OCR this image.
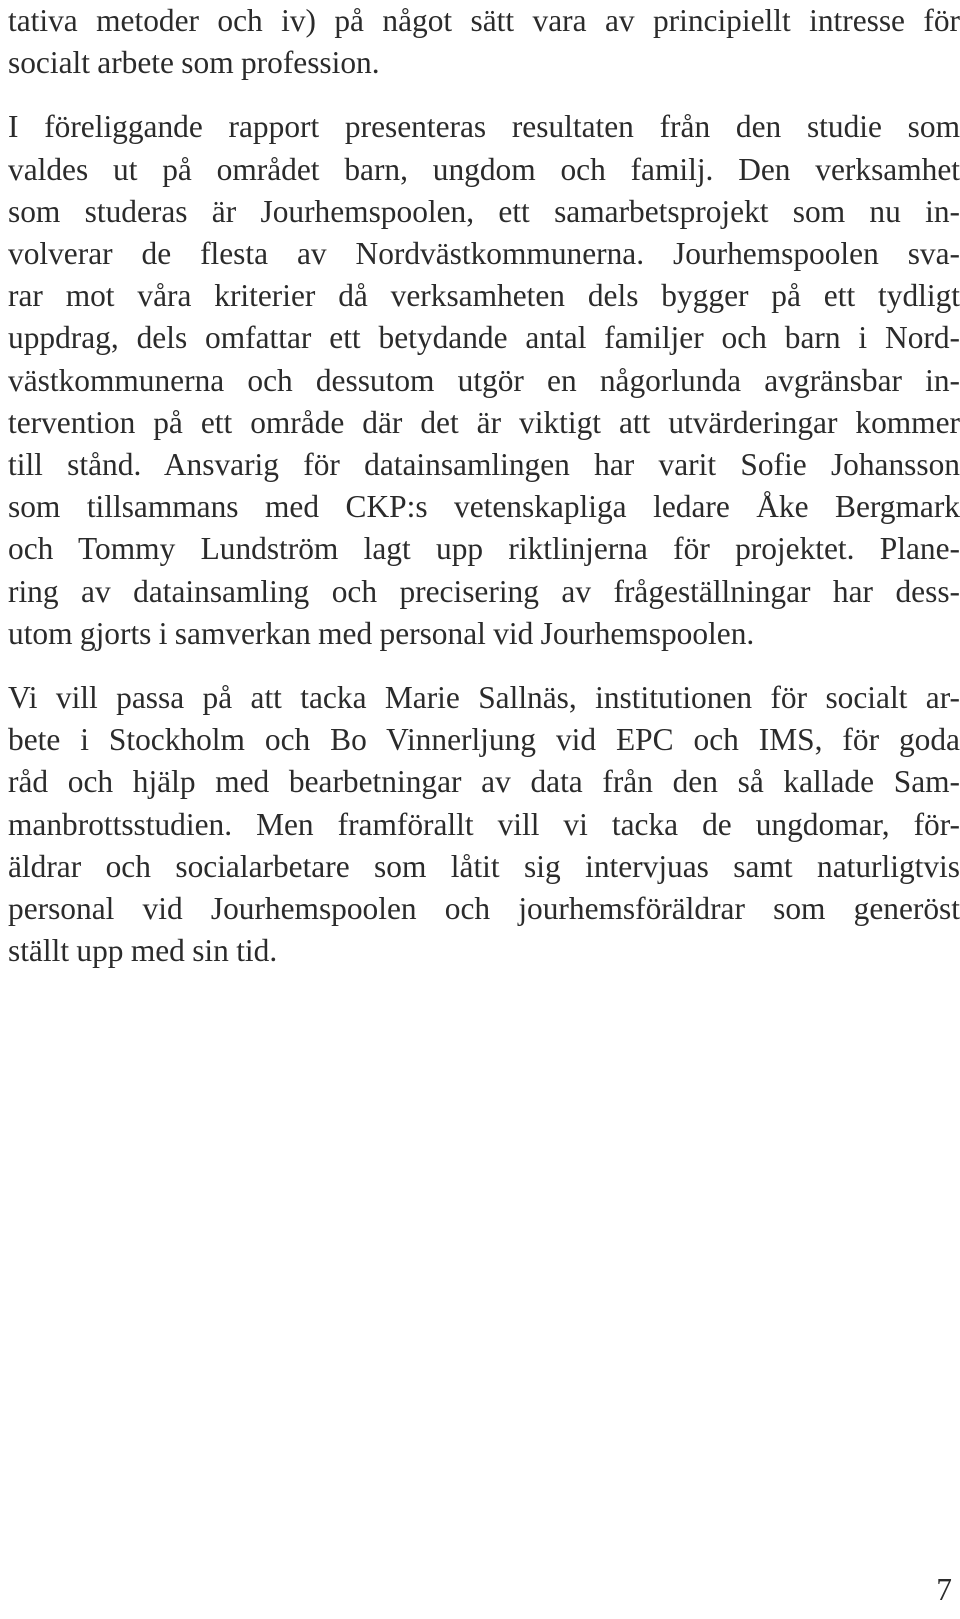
tativa metoder och iv) på något sätt vara av principiellt intresse för
socialt arbete som profession.
I föreliggande rapport presenteras resultaten från den studie som
valdes ut på området barn, ungdom och familj. Den verksamhet
som studeras är Jourhemspoolen, ett samarbetsprojekt som nu in-
volverar de flesta av Nordvästkommunerna. Jourhemspoolen sva-
rar mot våra kriterier då verksamheten dels bygger på ett tydligt
uppdrag, dels omfattar ett betydande antal familjer och barn i Nord-
västkommunerna och dessutom utgör en någorlunda avgränsbar in-
tervention på ett område där det är viktigt att utvärderingar kommer
till stånd. Ansvarig för datainsamlingen har varit Sofie Johansson
som tillsammans med CKP:s vetenskapliga ledare Åke Bergmark
och Tommy Lundström lagt upp riktlinjerna för projektet. Plane-
ring av datainsamling och precisering av frågeställningar har dess-
utom gjorts i samverkan med personal vid Jourhemspoolen.
Vi vill passa på att tacka Marie Sallnäs, institutionen för socialt ar-
bete i Stockholm och Bo Vinnerljung vid EPC och IMS, för goda
råd och hjälp med bearbetningar av data från den så kallade Sam-
manbrottsstudien. Men framförallt vill vi tacka de ungdomar, för-
äldrar och socialarbetare som låtit sig intervjuas samt naturligtvis
personal vid Jourhemspoolen och jourhemsföräldrar som generöst
ställt upp med sin tid.
7
